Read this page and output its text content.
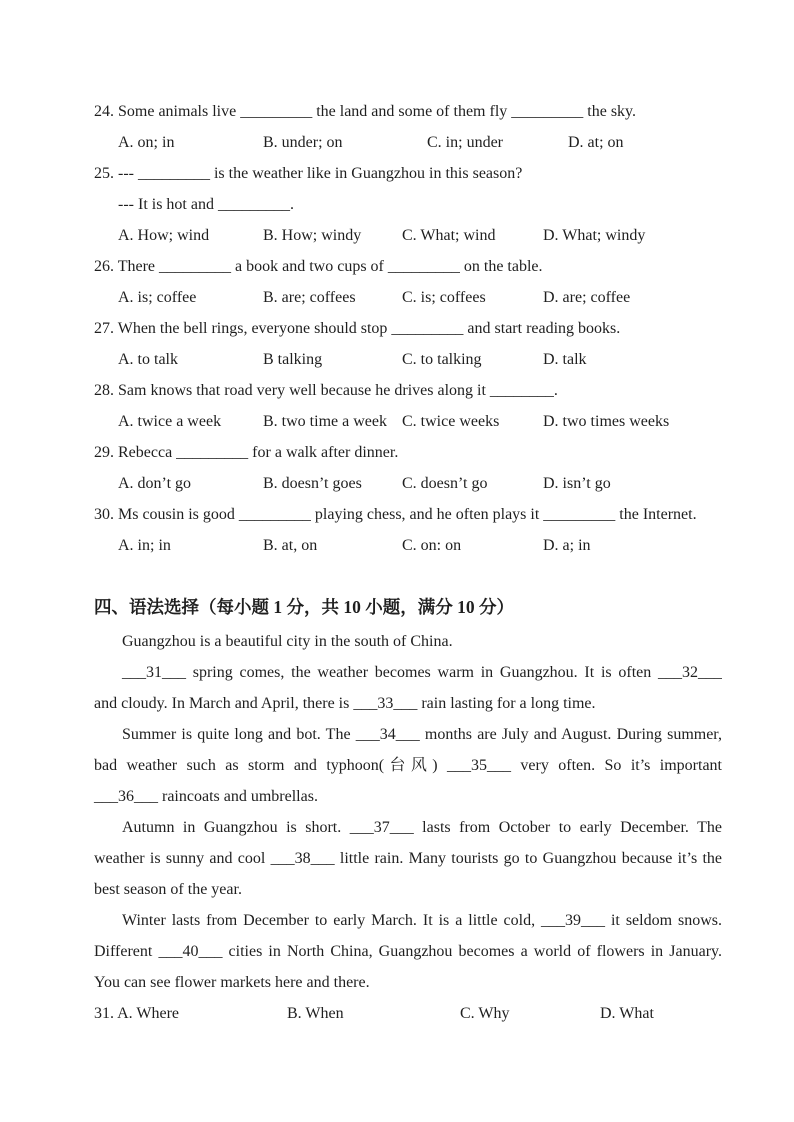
24. Some animals live _________ the land and some of them fly _________ the sky.
A. on; in	B. under; on	C. in; under	D. at; on
25. --- _________ is the weather like in Guangzhou in this season?
--- It is hot and _________.
A. How; wind	B. How; windy	C. What; wind	D. What; windy
26. There _________ a book and two cups of _________ on the table.
A. is; coffee	B. are; coffees	C. is; coffees	D. are; coffee
27. When the bell rings, everyone should stop _________ and start reading books.
A. to talk	B talking	C. to talking	D. talk
28. Sam knows that road very well because he drives along it ________.
A. twice a week	B. two time a week C. twice weeks	D. two times weeks
29. Rebecca _________ for a walk after dinner.
A. don’t go	B. doesn’t goes	C. doesn’t go	D. isn’t go
30. Ms cousin is good _________ playing chess, and he often plays it _________ the Internet.
A. in; in	B. at, on	C. on: on	D. a; in
四、语法选择（每小题 1 分，共 10 小题，满分 10 分）
Guangzhou is a beautiful city in the south of China.
___31___ spring comes, the weather becomes warm in Guangzhou. It is often ___32___
and cloudy. In March and April, there is ___33___ rain lasting for a long time.
Summer is quite long and bot. The ___34___ months are July and August. During summer,
bad weather such as storm and typhoon(台风) ___35___ very often. So it’s important
___36___ raincoats and umbrellas.
Autumn in Guangzhou is short. ___37___ lasts from October to early December. The
weather is sunny and cool ___38___ little rain. Many tourists go to Guangzhou because it’s the
best season of the year.
Winter lasts from December to early March. It is a little cold, ___39___ it seldom snows.
Different ___40___ cities in North China, Guangzhou becomes a world of flowers in January.
You can see flower markets here and there.
31. A. Where	B. When	C. Why	D. What
